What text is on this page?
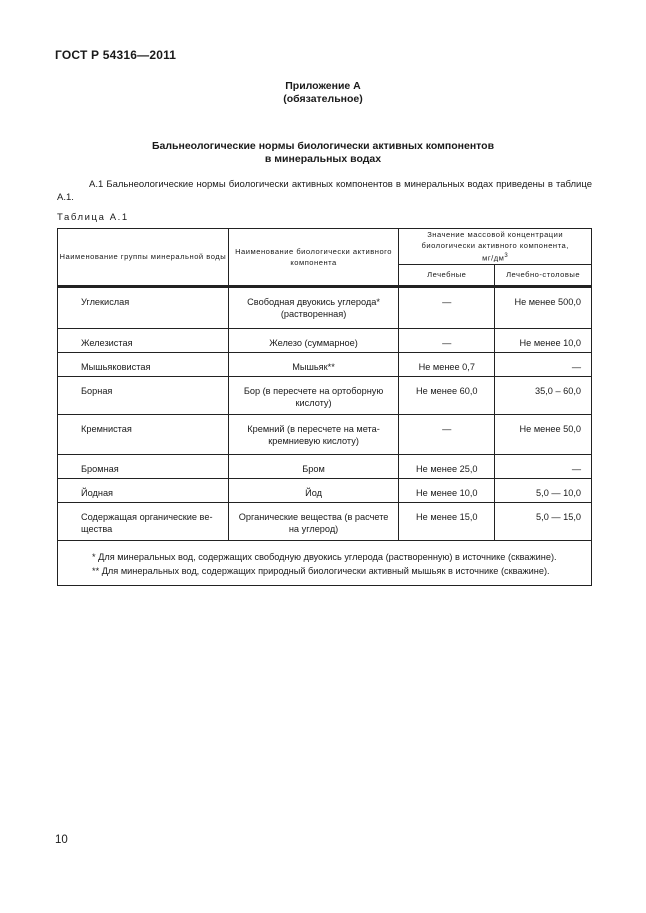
ГОСТ Р 54316—2011
Приложение А
(обязательное)
Бальнеологические нормы биологически активных компонентов
в минеральных водах
А.1 Бальнеологические нормы биологически активных компонентов в минеральных водах приведены в таблице А.1.
Таблица А.1
Наименование группы минеральной воды	Наименование биологически активного компонента	Значение массовой концентрации биологически активного компонента,
$мг/дм^3$
		Лечебные	Лечебно-столовые

Углекислая	Свободная двуокись углерода* (растворенная)	—	Не менее 500,0
Железистая	Железо (суммарное)	—	Не менее 10,0
Мышьяковистая	Мышьяк**	Не менее 0,7	—
Борная	Бор (в пересчете на ортоборную кислоту)	Не менее 60,0	35,0 – 60,0
Кремнистая	Кремний (в пересчете на мета-кремниевую кислоту)	—	Не менее 50,0
Бромная	Бром	Не менее 25,0	—
Йодная	Йод	Не менее 10,0	5,0 — 10,0
Содержащая органические ве-щества	Органические вещества (в расчете на углерод)	Не менее 15,0	5,0 — 15,0

* Для минеральных вод, содержащих свободную двуокись углерода (растворенную) в источнике (скважине).

** Для минеральных вод, содержащих природный биологически активный мышьяк в источнике (скважине).			

10
